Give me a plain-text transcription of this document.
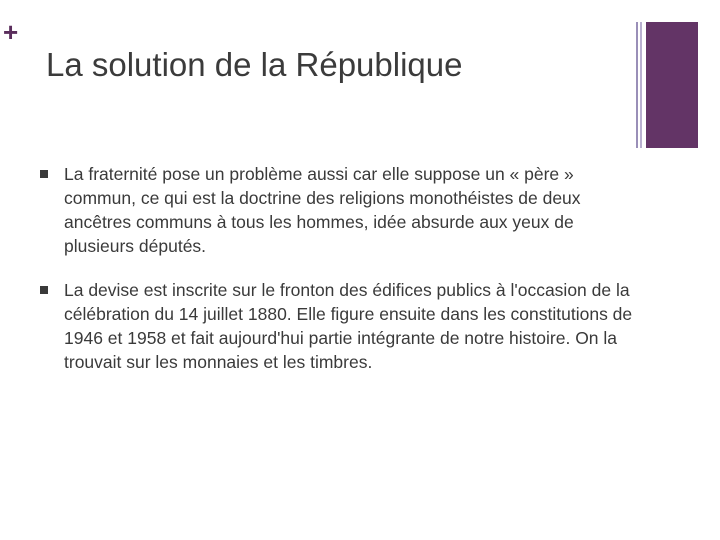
+
La solution de la République
La fraternité pose un problème aussi car elle suppose un « père » commun, ce qui est la doctrine des religions monothéistes de deux ancêtres communs à tous les hommes, idée absurde aux yeux de plusieurs députés.
La devise est inscrite sur le fronton des édifices publics à l'occasion de la célébration du 14 juillet 1880. Elle figure ensuite dans les constitutions de 1946 et 1958 et fait aujourd'hui partie intégrante de notre histoire. On la trouvait sur les monnaies et les timbres.
